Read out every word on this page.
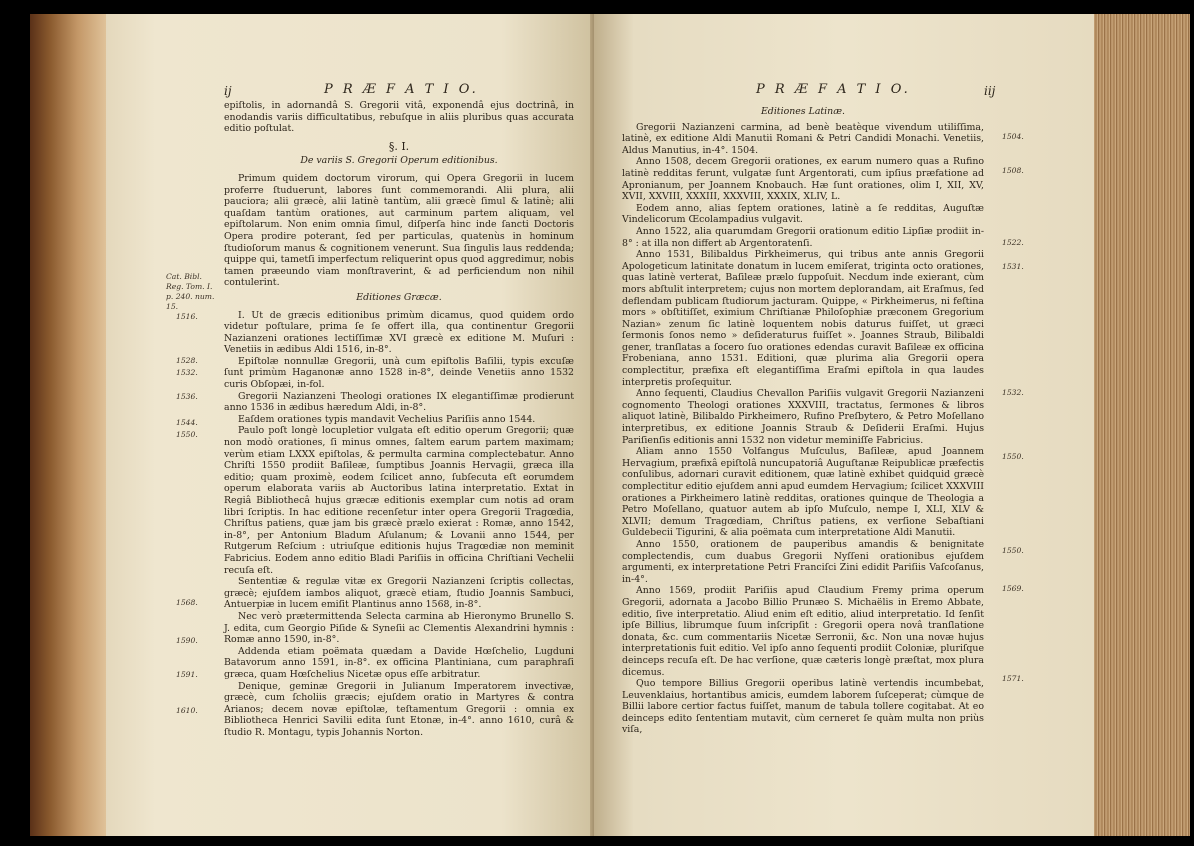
ij	P R Æ F A T I O.

epiſtolis, in adornandâ S. Gregorii vitâ, exponendâ ejus doctrinâ, in enodandis variis difficultatibus, rebuſque in aliis pluribus quas accurata editio poſtulat.

§. I.
De variis S. Gregorii Operum editionibus.

Primum quidem doctorum virorum, qui Opera Gregorii in lucem proferre ſtuduerunt, labores ſunt commemorandi. Alii plura, alii pauciora; alii græcè, alii latinè tantùm, alii græcè ſimul & latinè; alii quaſdam tantùm orationes, aut carminum partem aliquam, vel epiſtolarum. Non enim omnia ſimul, diſperſa hinc inde ſancti Doctoris Opera prodire poterant, ſed per particulas, quatenùs in hominum ſtudioſorum manus & cognitionem venerunt. Sua ſingulis laus reddenda; quippe qui, tametſi imperfectum reliquerint opus quod aggredimur, nobis tamen præeundo viam monſtraverint, & ad perficiendum non nihil contulerint.

Editiones Græcæ.

I. Ut de græcis editionibus primùm dicamus, quod quidem ordo videtur poſtulare, prima ſe ſe offert illa, qua continentur Gregorii Nazianzeni orationes lectiſſimæ XVI græcè ex editione M. Muſuri : Venetiis in ædibus Aldi 1516, in-8°.

Epiſtolæ nonnullæ Gregorii, unà cum epiſtolis Baſilii, typis excuſæ ſunt primùm Haganonæ anno 1528 in-8°, deinde Venetiis anno 1532 curis Obſopæi, in-fol.

Gregorii Nazianzeni Theologi orationes IX elegantiſſimæ prodierunt anno 1536 in ædibus hæredum Aldi, in-8°.

Eaſdem orationes typis mandavit Vechelius Pariſiis anno 1544.

Paulo poſt longè locupletior vulgata eſt editio operum Gregorii; quæ non modò orationes, ſi minus omnes, ſaltem earum partem maximam; verùm etiam LXXX epiſtolas, & permulta carmina complectebatur. Anno Chriſti 1550 prodiit Baſileæ, ſumptibus Joannis Hervagii, græca illa editio; quam proximè, eodem ſcilicet anno, ſubſecuta eſt eorumdem operum elaborata variis ab Auctoribus latina interpretatio. Extat in Regiâ Bibliothecâ hujus græcæ editionis exemplar cum notis ad oram libri ſcriptis. In hac editione recenſetur inter opera Gregorii Tragœdia, Chriſtus patiens, quæ jam bis græcè prælo exierat : Romæ, anno 1542, in-8°, per Antonium Bladum Aſulanum; & Lovanii anno 1544, per Rutgerum Reſcium : utriuſque editionis hujus Tragœdiæ non meminit Fabricius. Eodem anno editio Bladi Pariſiis in officina Chriſtiani Vechelii recuſa eſt.

Sententiæ & regulæ vitæ ex Gregorii Nazianzeni ſcriptis collectas, græcè; ejuſdem iambos aliquot, græcè etiam, ſtudio Joannis Sambuci, Antuerpiæ in lucem emiſit Plantinus anno 1568, in-8°.

Nec verò prætermittenda Selecta carmina ab Hieronymo Brunello S. J. edita, cum Georgio Piſide & Syneſii ac Clementis Alexandrini hymnis : Romæ anno 1590, in-8°.

Addenda etiam poëmata quædam a Davide Hœſchelio, Lugduni Batavorum anno 1591, in-8°. ex officina Plantiniana, cum paraphraſi græca, quam Hœſchelius Nicetæ opus eſſe arbitratur.

Denique, geminæ Gregorii in Julianum Imperatorem invectivæ, græcè, cum ſcholiis græcis; ejuſdem oratio in Martyres & contra Arianos; decem novæ epiſtolæ, teſtamentum Gregorii : omnia ex Bibliotheca Henrici Savilii edita ſunt Etonæ, in-4°. anno 1610, curâ & ſtudio R. Montagu, typis Johannis Norton.

Cat. Bibl. Reg. Tom. I. p. 240. num. 15.
1516.
1528.
1532.
1536.
1544.
1550.
1568.
1590.
1591.
1610.
P R Æ F A T I O.	iij
Editiones Latinæ.

Gregorii Nazianzeni carmina, ad benè beatèque vivendum utiliſſima, latinè, ex editione Aldi Manutii Romani & Petri Candidi Monachi. Venetiis, Aldus Manutius, in-4°. 1504.

Anno 1508, decem Gregorii orationes, ex earum numero quas a Rufino latinè redditas ferunt, vulgatæ ſunt Argentorati, cum ipſius præfatione ad Apronianum, per Joannem Knobauch. Hæ ſunt orationes, olim I, XII, XV, XVII, XXVIII, XXXIII, XXXVIII, XXXIX, XLIV, L.

Eodem anno, alias ſeptem orationes, latinè a ſe redditas, Auguſtæ Vindelicorum Œcolampadius vulgavit.

Anno 1522, alia quarumdam Gregorii orationum editio Lipſiæ prodiit in-8° : at illa non differt ab Argentoratenſi.

Anno 1531, Bilibaldus Pirkheimerus, qui tribus ante annis Gregorii Apologeticum latinitate donatum in lucem emiſerat, triginta octo orationes, quas latinè verterat, Baſileæ prælo ſuppoſuit. Necdum inde exierant, cùm mors abſtulit interpretem; cujus non mortem deplorandam, ait Eraſmus, ſed deflendam publicam ſtudiorum jacturam. Quippe, « Pirkheimerus, ni feſtina mors » obſtitiſſet, eximium Chriſtianæ Philoſophiæ præconem Gregorium Nazian» zenum ſic latinè loquentem nobis daturus fuiſſet, ut græci ſermonis ſonos nemo » deſideraturus fuiſſet ». Joannes Straub, Bilibaldi gener, tranſlatas a ſocero ſuo orationes edendas curavit Baſileæ ex officina Frobeniana, anno 1531. Editioni, quæ plurima alia Gregorii opera complectitur, præfixa eſt elegantiſſima Eraſmi epiſtola in qua laudes interpretis proſequitur.

Anno ſequenti, Claudius Chevallon Pariſiis vulgavit Gregorii Nazianzeni cognomento Theologi orationes XXXVIII, tractatus, ſermones & libros aliquot latinè, Bilibaldo Pirkheimero, Rufino Preſbytero, & Petro Moſellano interpretibus, ex editione Joannis Straub & Deſiderii Eraſmi. Hujus Pariſienſis editionis anni 1532 non videtur meminiſſe Fabricius.

Aliam anno 1550 Volfangus Muſculus, Baſileæ, apud Joannem Hervagium, præfixâ epiſtolâ nuncupatoriâ Auguſtanæ Reipublicæ præfectis conſulibus, adornari curavit editionem, quæ latinè exhibet quidquid græcè complectitur editio ejuſdem anni apud eumdem Hervagium; ſcilicet XXXVIII orationes a Pirkheimero latinè redditas, orationes quinque de Theologia a Petro Moſellano, quatuor autem ab ipſo Muſculo, nempe I, XLI, XLV & XLVII; demum Tragœdiam, Chriſtus patiens, ex verſione Sebaſtiani Guldebecii Tigurini, & alia poëmata cum interpretatione Aldi Manutii.

Anno 1550, orationem de pauperibus amandis & benignitate complectendis, cum duabus Gregorii Nyſſeni orationibus ejuſdem argumenti, ex interpretatione Petri Franciſci Zini edidit Pariſiis Vaſcoſanus, in-4°.

Anno 1569, prodiit Pariſiis apud Claudium Fremy prima operum Gregorii, adornata a Jacobo Billio Prunæo S. Michaëlis in Eremo Abbate, editio, ſive interpretatio. Aliud enim eſt editio, aliud interpretatio. Id ſenſit ipſe Billius, librumque ſuum inſcripſit : Gregorii opera novâ tranſlatione donata, &c. cum commentariis Nicetæ Serronii, &c. Non una novæ hujus interpretationis fuit editio. Vel ipſo anno ſequenti prodiit Coloniæ, pluriſque deinceps recuſa eſt. De hac verſione, quæ cæteris longè præſtat, mox plura dicemus.

Quo tempore Billius Gregorii operibus latinè vertendis incumbebat, Leuvenklaius, hortantibus amicis, eumdem laborem ſuſceperat; cùmque de Billii labore certior factus fuiſſet, manum de tabula tollere cogitabat. At eo deinceps edito ſententiam mutavit, cùm cerneret ſe quàm multa non priùs viſa,

1504.
1508.
1522.
1531.
1532.
1550.
1550.
1569.
1571.
